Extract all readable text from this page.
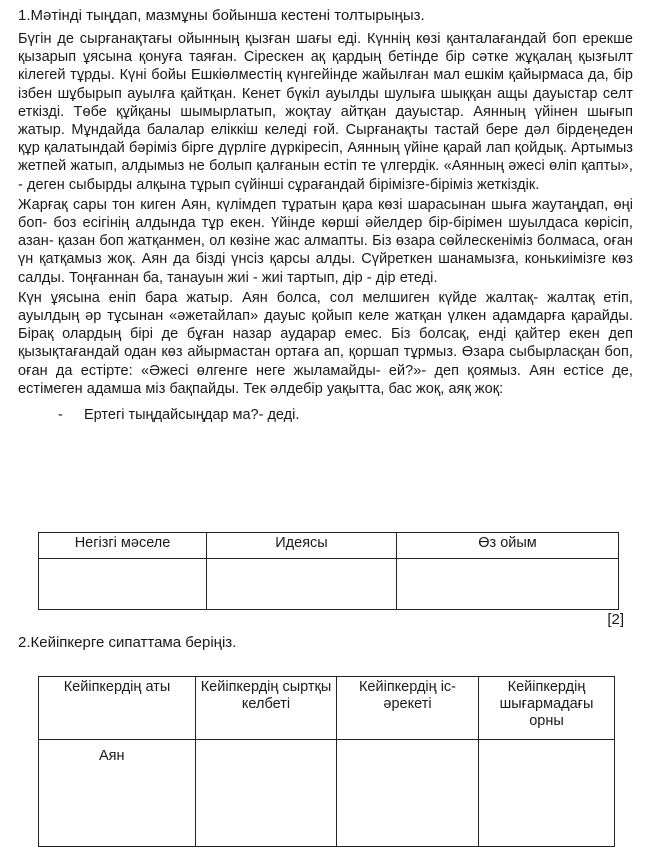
1.Мәтінді тыңдап, мазмұны бойынша кестені толтырыңыз.

Бүгін де сырғанақтағы ойынның қызған шағы еді. Күннің көзі қанталағандай боп ерекше қызарып ұясына қонуға таяған. Сірескен ақ қардың бетінде бір сәтке жұқалаң қызғылт кілегей тұрды. Күні бойы Ешкіөлместің күнгейінде жайылған мал ешкім қайырмаса да, бір ізбен шұбырып ауылға қайтқан. Кенет бүкіл ауылды шулыға шыққан ащы дауыстар селт еткізді. Төбе құйқаны шымырлатып, жоқтау айтқан дауыстар. Аянның үйінен шығып жатыр. Мұндайда балалар еліккіш келеді ғой. Сырғанақты тастай бере дәл бірдеңеден құр қалатындай бәріміз бірге дүрліге дүркіресіп, Аянның үйіне қарай лап қойдық. Артымыз жетпей жатып, алдымыз не болып қалғанын естіп те үлгердік. «Аянның әжесі өліп қапты», - деген сыбырды алқына тұрып сүйінші сұрағандай бірімізге-біріміз жеткіздік.

Жарғақ сары тон киген Аян, күлімдеп тұратын қара көзі шарасынан шыға жаутаңдап, өңі боп- боз есігінің алдында тұр екен. Үйінде көрші әйелдер бір-бірімен шуылдаса көрісіп, азан- қазан боп жатқанмен, ол көзіне жас алмапты. Біз өзара сөйлескеніміз болмаса, оған үн қатқамыз жоқ. Аян да бізді үнсіз қарсы алды. Сүйреткен шанамызға, конькиімізге көз салды. Тоңғаннан ба, танауын жиі - жиі тартып, дір - дір етеді.

Күн ұясына еніп бара жатыр. Аян болса, сол мелшиген күйде жалтақ- жалтақ етіп, ауылдың әр тұсынан «әжетайлап» дауыс қойып келе жатқан үлкен адамдарға қарайды. Бірақ олардың бірі де бұған назар аударар емес. Біз болсақ, енді қайтер екен деп қызықтағандай одан көз айырмастан ортаға ап, қоршап тұрмыз. Өзара сыбырласқан боп, оған да естірте: «Әжесі өлгенге неге жыламайды- ей?»- деп қоямыз. Аян естісе де, естімеген адамша міз бақпайды. Тек әлдебір уақытта, бас жоқ, аяқ жоқ:

-	Ертегі тыңдайсыңдар ма?- деді.
Негізгі мәселе	Идеясы	Өз ойым

[2]
2.Кейіпкерге сипаттама беріңіз.
Кейіпкердің аты	Кейіпкердің сыртқы келбеті	Кейіпкердің іс-әрекеті	Кейіпкердің шығармадағы орны
Аян			
